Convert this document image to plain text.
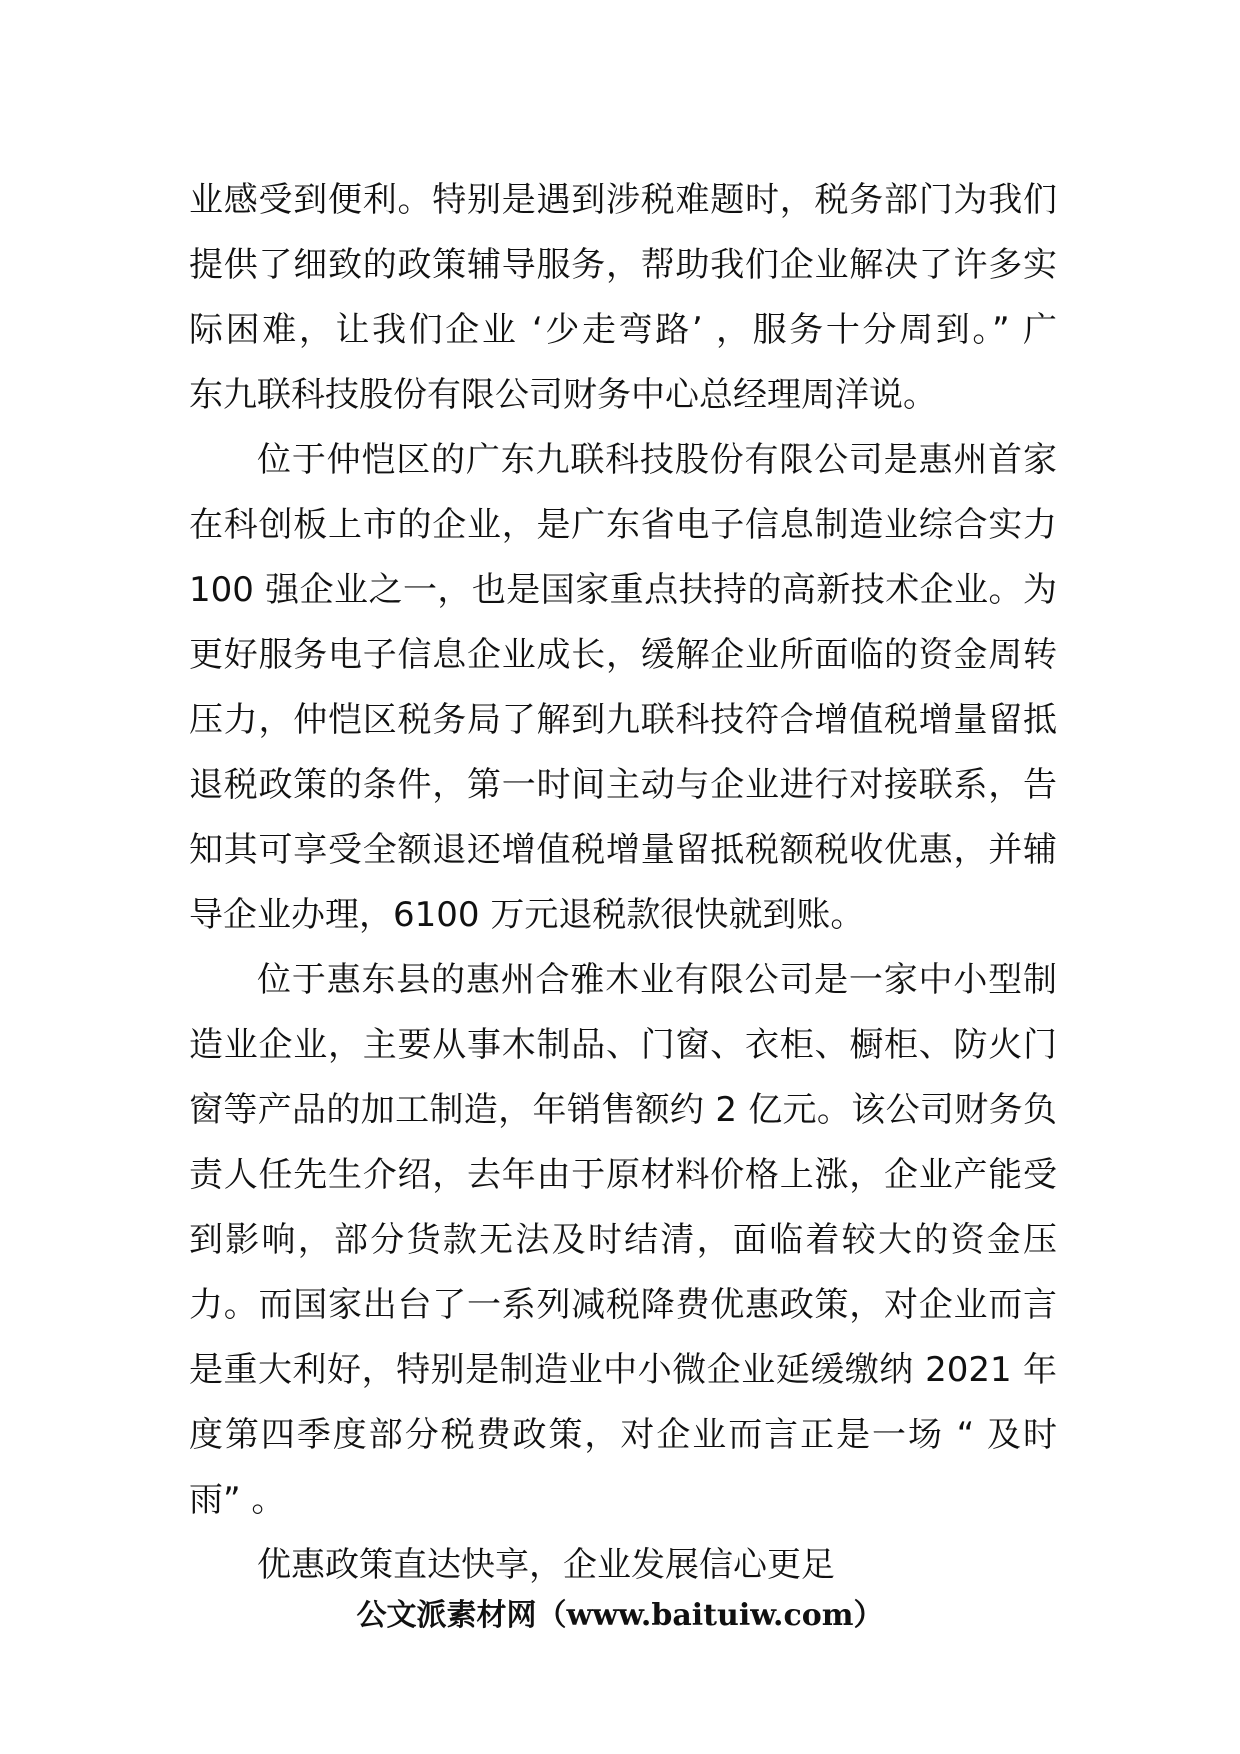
业感受到便利。特别是遇到涉税难题时，税务部门为我们
提供了细致的政策辅导服务，帮助我们企业解决了许多实
际困难，让我们企业 ‘少走弯路’ ，服务十分周到。” 广
东九联科技股份有限公司财务中心总经理周洋说。
位于仲恺区的广东九联科技股份有限公司是惠州首家
在科创板上市的企业，是广东省电子信息制造业综合实力
100 强企业之一，也是国家重点扶持的高新技术企业。为
更好服务电子信息企业成长，缓解企业所面临的资金周转
压力，仲恺区税务局了解到九联科技符合增值税增量留抵
退税政策的条件，第一时间主动与企业进行对接联系，告
知其可享受全额退还增值税增量留抵税额税收优惠，并辅
导企业办理，6100 万元退税款很快就到账。
位于惠东县的惠州合雅木业有限公司是一家中小型制
造业企业，主要从事木制品、门窗、衣柜、橱柜、防火门
窗等产品的加工制造，年销售额约 2 亿元。该公司财务负
责人任先生介绍，去年由于原材料价格上涨，企业产能受
到影响，部分货款无法及时结清，面临着较大的资金压
力。而国家出台了一系列减税降费优惠政策，对企业而言
是重大利好，特别是制造业中小微企业延缓缴纳 2021 年
度第四季度部分税费政策，对企业而言正是一场 “ 及时
雨” 。
优惠政策直达快享，企业发展信心更足
公文派素材网（www.baituiw.com）
